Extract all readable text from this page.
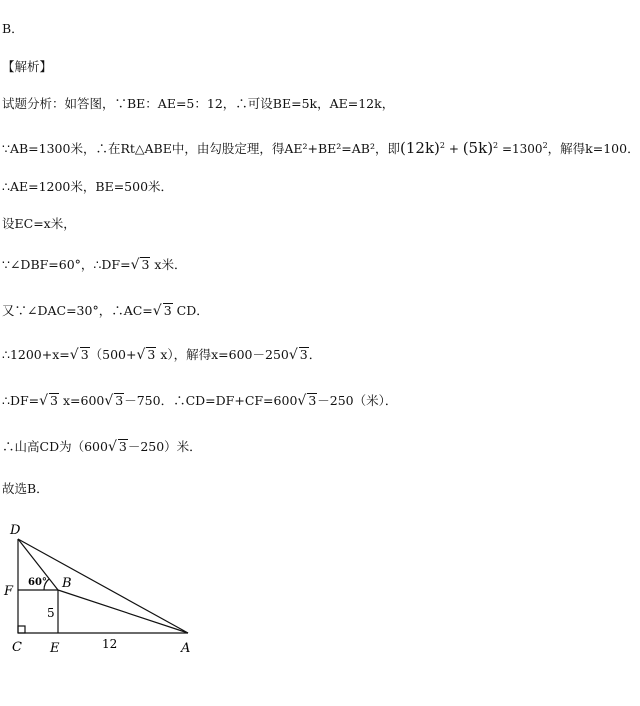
B．
【解析】
试题分析：如答图，∵BE：AE=5：12，∴可设BE=5k，AE=12k，
∵AB=1300米，∴在Rt△ABE中，由勾股定理，得AE²+BE²=AB²，即$(12k)^2 + (5k)^2 =1300^2$，解得k=100．
∴AE=1200米，BE=500米．
设EC=x米，
∵∠DBF=60°，∴DF=√ 3 x米．
又∵∠DAC=30°，∴AC=√ 3 CD．
∴1200+x=√ 3（500+√ 3 x），解得x=600－250√ 3．
∴DF=√ 3 x=600√ 3－750．∴CD=DF+CF=600√ 3－250（米）．
∴山高CD为（600√ 3－250）米．
故选B．
D
F
B
C E	A
60°
5
12
